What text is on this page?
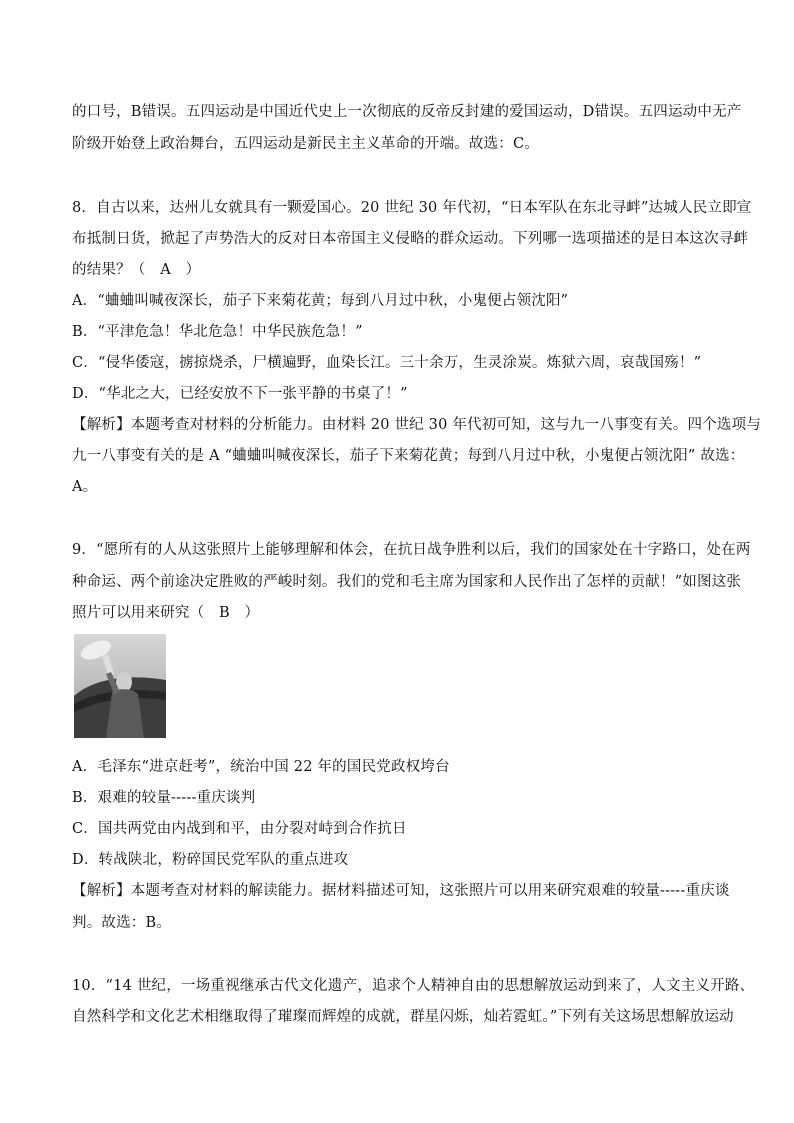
的口号，B错误。五四运动是中国近代史上一次彻底的反帝反封建的爱国运动，D错误。五四运动中无产
阶级开始登上政治舞台，五四运动是新民主主义革命的开端。故选：C。
8．自古以来，达州儿女就具有一颗爱国心。20 世纪 30 年代初，“日本军队在东北寻衅”达城人民立即宣
布抵制日货，掀起了声势浩大的反对日本帝国主义侵略的群众运动。下列哪一选项描述的是日本这次寻衅
的结果？（　A　）
A．“蛐蛐叫喊夜深长，茄子下来菊花黄；每到八月过中秋，小鬼便占领沈阳”
B．“平津危急！华北危急！中华民族危急！”
C．“侵华倭寇，掳掠烧杀，尸横遍野，血染长江。三十余万，生灵涂炭。炼狱六周，哀哉国殇！”
D．“华北之大，已经安放不下一张平静的书桌了！”
【解析】本题考查对材料的分析能力。由材料 20 世纪 30 年代初可知，这与九一八事变有关。四个选项与
九一八事变有关的是 A “蛐蛐叫喊夜深长，茄子下来菊花黄；每到八月过中秋，小鬼便占领沈阳” 故选：
A。
9．“愿所有的人从这张照片上能够理解和体会，在抗日战争胜利以后，我们的国家处在十字路口，处在两
种命运、两个前途决定胜败的严峻时刻。我们的党和毛主席为国家和人民作出了怎样的贡献！”如图这张
照片可以用来研究（　B　）
A．毛泽东“进京赶考”，统治中国 22 年的国民党政权垮台
B．艰难的较量-----重庆谈判
C．国共两党由内战到和平，由分裂对峙到合作抗日
D．转战陕北，粉碎国民党军队的重点进攻
【解析】本题考查对材料的解读能力。据材料描述可知，这张照片可以用来研究艰难的较量-----重庆谈
判。故选：B。
10．“14 世纪，一场重视继承古代文化遗产，追求个人精神自由的思想解放运动到来了，人文主义开路、
自然科学和文化艺术相继取得了璀璨而辉煌的成就，群星闪烁，灿若霓虹。”下列有关这场思想解放运动
